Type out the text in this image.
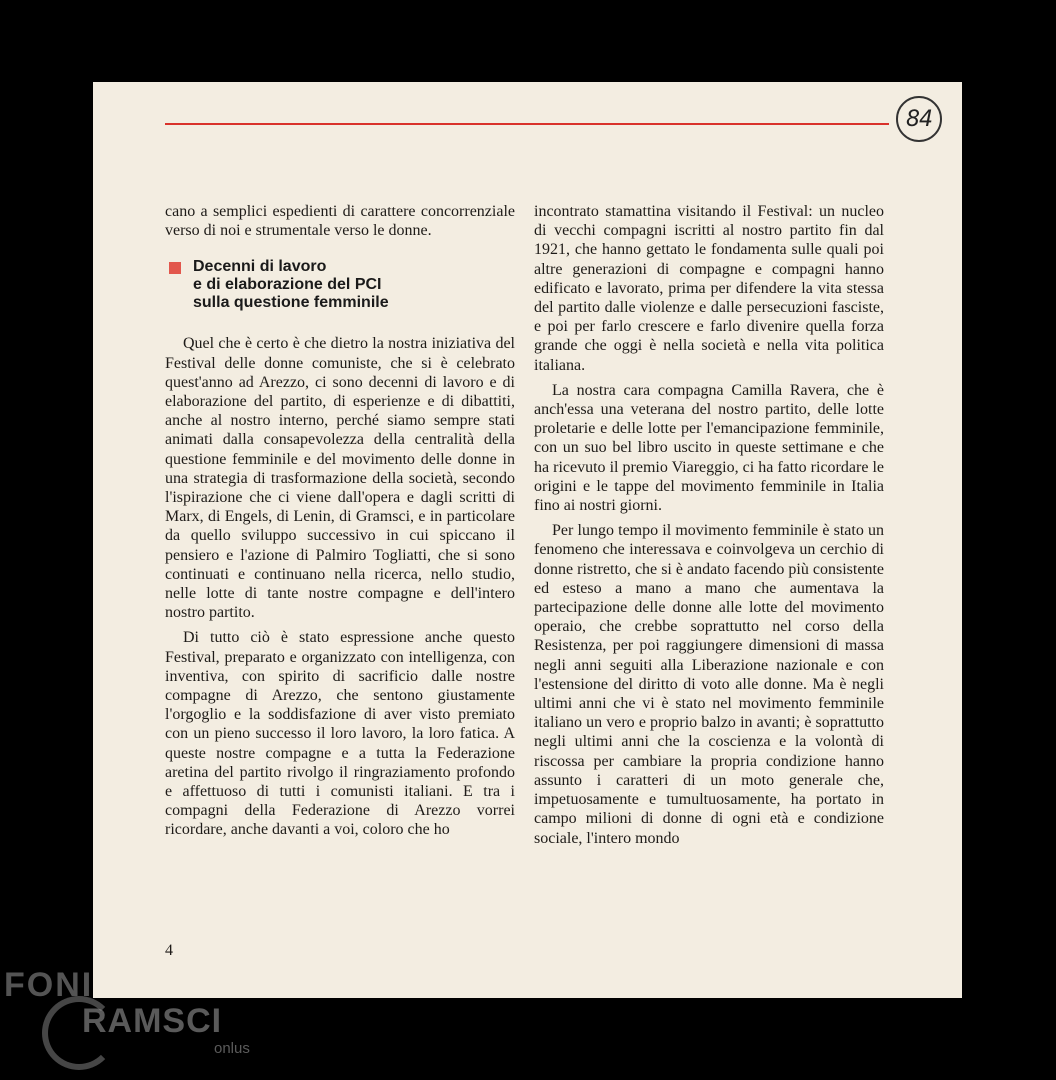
84

cano a semplici espedienti di carattere concorrenziale verso di noi e strumentale verso le donne.

Decenni di lavoro
e di elaborazione del PCI
sulla questione femminile

Quel che è certo è che dietro la nostra iniziativa del Festival delle donne comuniste, che si è celebrato quest'anno ad Arezzo, ci sono decenni di lavoro e di elaborazione del partito, di esperienze e di dibattiti, anche al nostro interno, perché siamo sempre stati animati dalla consapevolezza della centralità della questione femminile e del movimento delle donne in una strategia di trasformazione della società, secondo l'ispirazione che ci viene dall'opera e dagli scritti di Marx, di Engels, di Lenin, di Gramsci, e in particolare da quello sviluppo successivo in cui spiccano il pensiero e l'azione di Palmiro Togliatti, che si sono continuati e continuano nella ricerca, nello studio, nelle lotte di tante nostre compagne e dell'intero nostro partito.

Di tutto ciò è stato espressione anche questo Festival, preparato e organizzato con intelligenza, con inventiva, con spirito di sacrificio dalle nostre compagne di Arezzo, che sentono giustamente l'orgoglio e la soddisfazione di aver visto premiato con un pieno successo il loro lavoro, la loro fatica. A queste nostre compagne e a tutta la Federazione aretina del partito rivolgo il ringraziamento profondo e affettuoso di tutti i comunisti italiani. E tra i compagni della Federazione di Arezzo vorrei ricordare, anche davanti a voi, coloro che ho

incontrato stamattina visitando il Festival: un nucleo di vecchi compagni iscritti al nostro partito fin dal 1921, che hanno gettato le fondamenta sulle quali poi altre generazioni di compagne e compagni hanno edificato e lavorato, prima per difendere la vita stessa del partito dalle violenze e dalle persecuzioni fasciste, e poi per farlo crescere e farlo divenire quella forza grande che oggi è nella società e nella vita politica italiana.

La nostra cara compagna Camilla Ravera, che è anch'essa una veterana del nostro partito, delle lotte proletarie e delle lotte per l'emancipazione femminile, con un suo bel libro uscito in queste settimane e che ha ricevuto il premio Viareggio, ci ha fatto ricordare le origini e le tappe del movimento femminile in Italia fino ai nostri giorni.

Per lungo tempo il movimento femminile è stato un fenomeno che interessava e coinvolgeva un cerchio di donne ristretto, che si è andato facendo più consistente ed esteso a mano a mano che aumentava la partecipazione delle donne alle lotte del movimento operaio, che crebbe soprattutto nel corso della Resistenza, per poi raggiungere dimensioni di massa negli anni seguiti alla Liberazione nazionale e con l'estensione del diritto di voto alle donne. Ma è negli ultimi anni che vi è stato nel movimento femminile italiano un vero e proprio balzo in avanti; è soprattutto negli ultimi anni che la coscienza e la volontà di riscossa per cambiare la propria condizione hanno assunto i caratteri di un moto generale che, impetuosamente e tumultuosamente, ha portato in campo milioni di donne di ogni età e condizione sociale, l'intero mondo

4
FONI
RAMSCI
onlus
